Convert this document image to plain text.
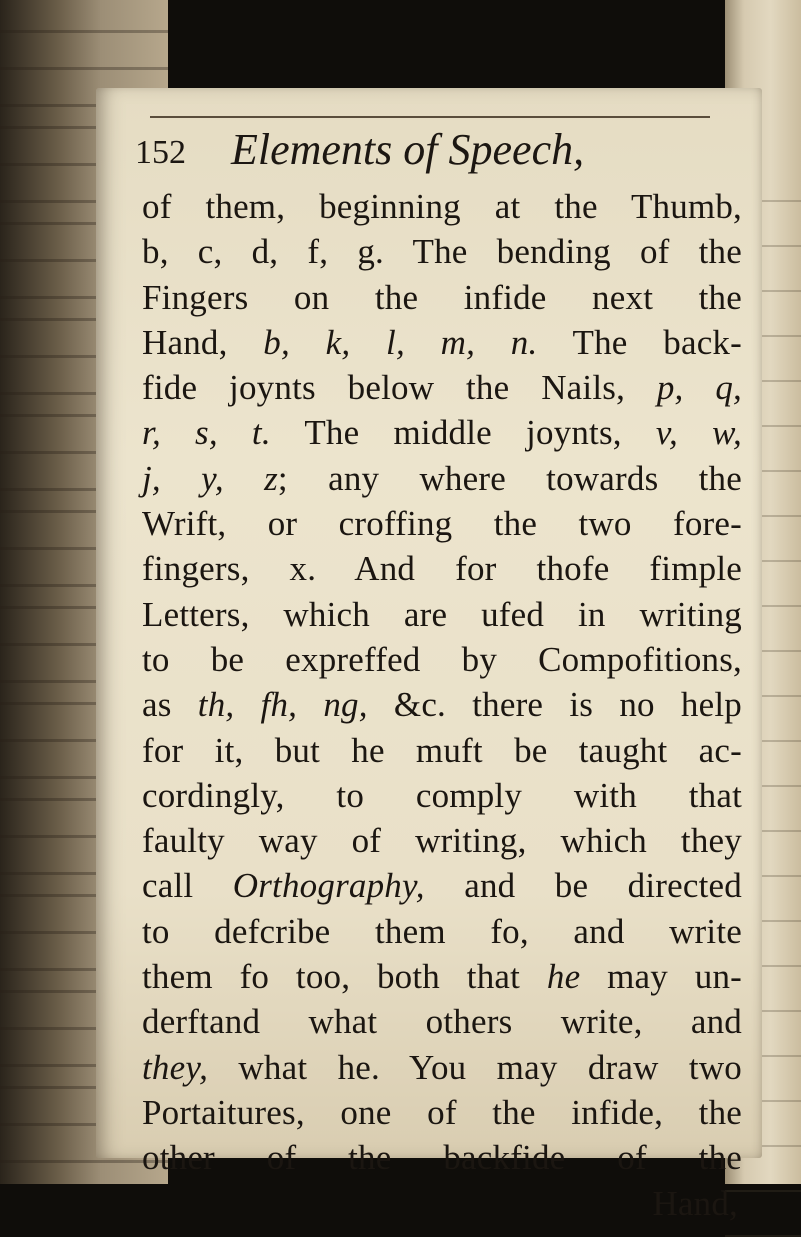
152 Elements of Speech,
of them, beginning at the Thumb,
b, c, d, f, g. The bending of the
Fingers on the infide next the
Hand, b, k, l, m, n. The back-
fide joynts below the Nails, p, q,
r, s, t. The middle joynts, v, w,
j, y, z; any where towards the
Wrift, or croffing the two fore-
fingers, x. And for thofe fimple
Letters, which are ufed in writing
to be expreffed by Compofitions,
as th, fh, ng, &c. there is no help
for it, but he muft be taught ac-
cordingly, to comply with that
faulty way of writing, which they
call Orthography, and be directed
to defcribe them fo, and write
them fo too, both that he may un-
derftand what others write, and
they, what he. You may draw two
Portaitures, one of the infide, the
other of the backfide of the
Hand,
